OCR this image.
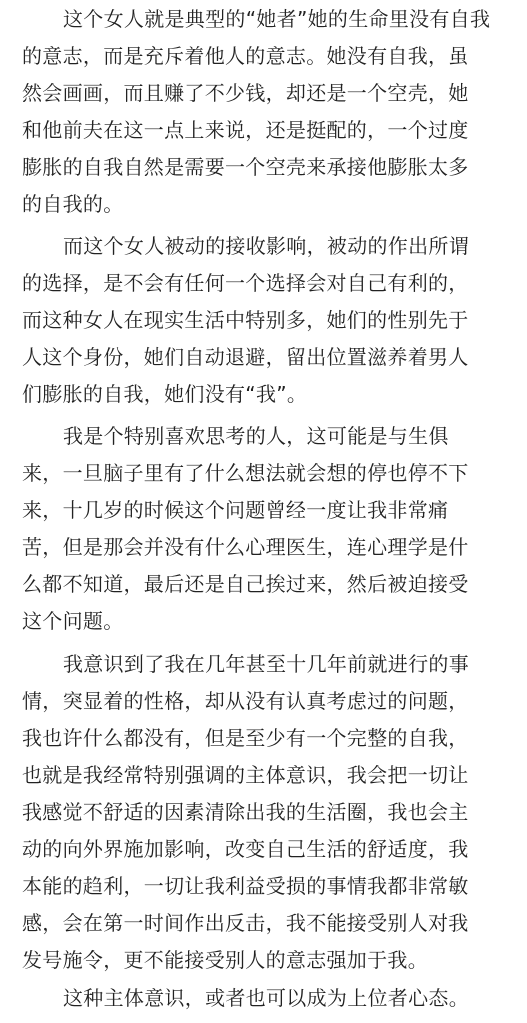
这个女人就是典型的“她者”她的生命里没有自我
的意志，而是充斥着他人的意志。她没有自我，虽
然会画画，而且赚了不少钱，却还是一个空壳，她
和他前夫在这一点上来说，还是挺配的，一个过度
膨胀的自我自然是需要一个空壳来承接他膨胀太多
的自我的。

而这个女人被动的接收影响，被动的作出所谓
的选择，是不会有任何一个选择会对自己有利的，
而这种女人在现实生活中特别多，她们的性别先于
人这个身份，她们自动退避，留出位置滋养着男人
们膨胀的自我，她们没有“我”。

我是个特别喜欢思考的人，这可能是与生俱
来，一旦脑子里有了什么想法就会想的停也停不下
来，十几岁的时候这个问题曾经一度让我非常痛
苦，但是那会并没有什么心理医生，连心理学是什
么都不知道，最后还是自己挨过来，然后被迫接受
这个问题。

我意识到了我在几年甚至十几年前就进行的事
情，突显着的性格，却从没有认真考虑过的问题，
我也许什么都没有，但是至少有一个完整的自我，
也就是我经常特别强调的主体意识，我会把一切让
我感觉不舒适的因素清除出我的生活圈，我也会主
动的向外界施加影响，改变自己生活的舒适度，我
本能的趋利，一切让我利益受损的事情我都非常敏
感，会在第一时间作出反击，我不能接受别人对我
发号施令，更不能接受别人的意志强加于我。

这种主体意识，或者也可以成为上位者心态。
